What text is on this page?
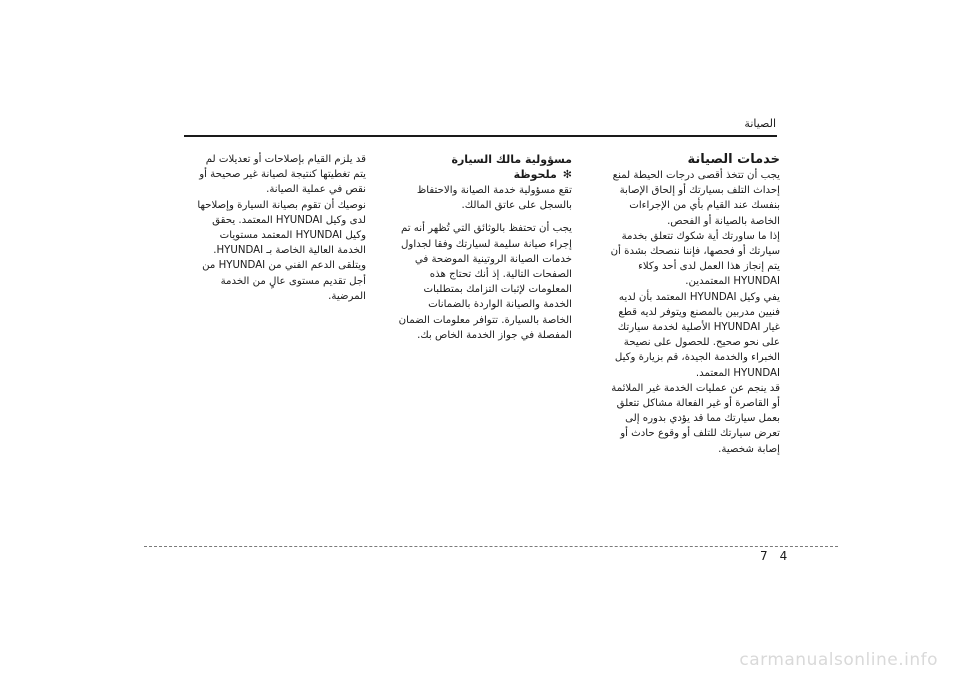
الصيانة

خدمات الصيانة

يجب أن تتخذ أقصى درجات الحيطة لمنع إحداث التلف بسيارتك أو إلحاق الإصابة بنفسك عند القيام بأي من الإجراءات الخاصة بالصيانة أو الفحص.

إذا ما ساورتك أية شكوك تتعلق بخدمة سيارتك أو فحصها، فإننا ننصحك بشدة أن يتم إنجاز هذا العمل لدى أحد وكلاء HYUNDAI المعتمدين.

يفي وكيل HYUNDAI المعتمد بأن لديه فنيين مدربين بالمصنع ويتوفر لديه قطع غيار HYUNDAI الأصلية لخدمة سيارتك على نحو صحيح. للحصول على نصيحة الخبراء والخدمة الجيدة، قم بزيارة وكيل HYUNDAI المعتمد.

قد ينجم عن عمليات الخدمة غير الملائمة أو القاصرة أو غير الفعالة مشاكل تتعلق بعمل سيارتك مما قد يؤدي بدوره إلى تعرض سيارتك للتلف أو وقوع حادث أو إصابة شخصية.

مسؤولية مالك السيارة

✻ملحوظة

تقع مسؤولية خدمة الصيانة والاحتفاظ بالسجل على عاتق المالك.

يجب أن تحتفظ بالوثائق التي تُظهر أنه تم إجراء صيانة سليمة لسيارتك وفقا لجداول خدمات الصيانة الروتينية الموضحة في الصفحات التالية. إذ أنك تحتاج هذه المعلومات لإثبات التزامك بمتطلبات الخدمة والصيانة الواردة بالضمانات الخاصة بالسيارة. تتوافر معلومات الضمان المفصلة في جواز الخدمة الخاص بك.

قد يلزم القيام بإصلاحات أو تعديلات لم يتم تغطيتها كنتيجة لصيانة غير صحيحة أو نقص في عملية الصيانة.

نوصيك أن تقوم بصيانة السيارة وإصلاحها لدى وكيل HYUNDAI المعتمد. يحقق وكيل HYUNDAI المعتمد مستويات الخدمة العالية الخاصة بـ HYUNDAI. ويتلقى الدعم الفني من HYUNDAI من أجل تقديم مستوى عالٍ من الخدمة المرضية.

7 4
carmanualsonline.info
